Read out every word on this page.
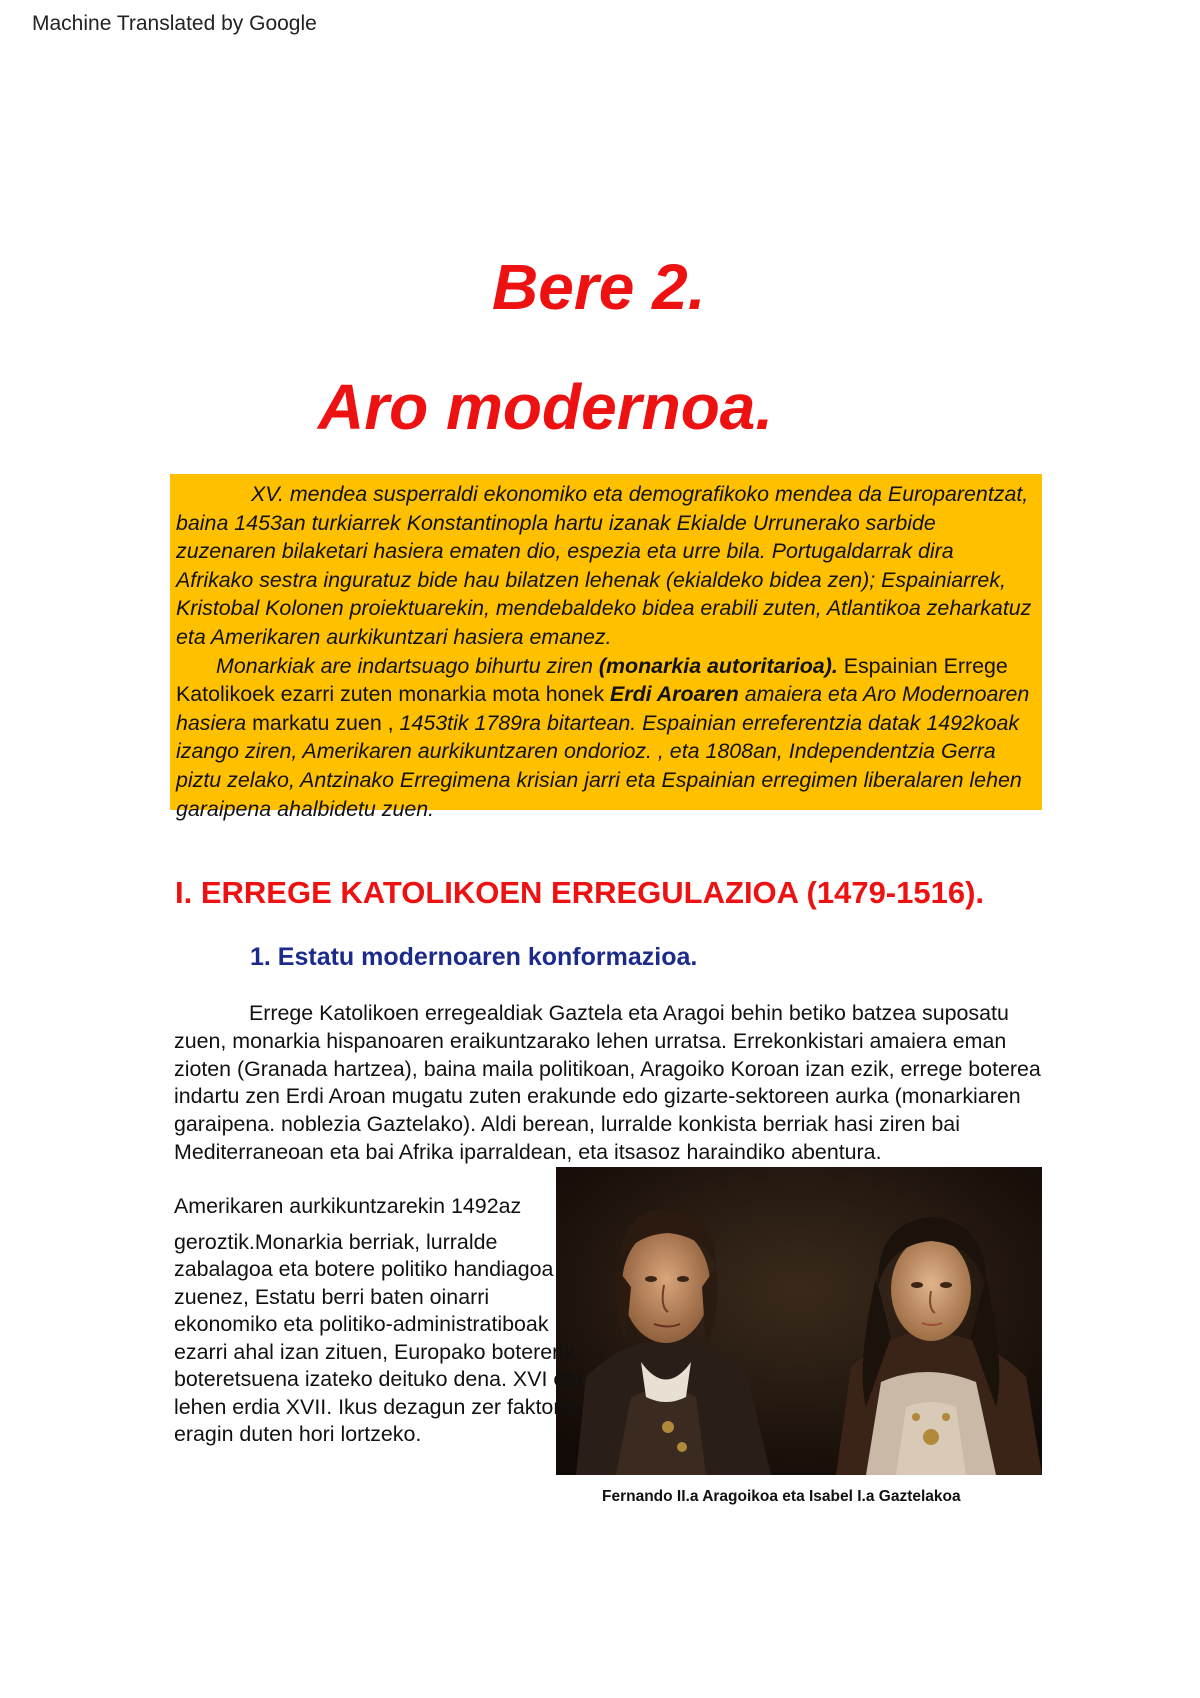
Machine Translated by Google
Bere 2.
Aro modernoa.

XV. mendea susperraldi ekonomiko eta demografikoko mendea da Europarentzat, baina 1453an turkiarrek Konstantinopla hartu izanak Ekialde Urrunerako sarbide zuzenaren bilaketari hasiera ematen dio, espezia eta urre bila. Portugaldarrak dira Afrikako sestra inguratuz bide hau bilatzen lehenak (ekialdeko bidea zen); Espainiarrek, Kristobal Kolonen proiektuarekin, mendebaldeko bidea erabili zuten, Atlantikoa zeharkatuz eta Amerikaren aurkikuntzari hasiera emanez.

Monarkiak are indartsuago bihurtu ziren (monarkia autoritarioa). Espainian Errege Katolikoek ezarri zuten monarkia mota honek Erdi Aroaren amaiera eta Aro Modernoaren hasiera markatu zuen , 1453tik 1789ra bitartean. Espainian erreferentzia datak 1492koak izango ziren, Amerikaren aurkikuntzaren ondorioz. , eta 1808an, Independentzia Gerra piztu zelako, Antzinako Erregimena krisian jarri eta Espainian erregimen liberalaren lehen garaipena ahalbidetu zuen.

I. ERREGE KATOLIKOEN ERREGULAZIOA (1479-1516).
1. Estatu modernoaren konformazioa.

Errege Katolikoen erregealdiak Gaztela eta Aragoi behin betiko batzea suposatu zuen, monarkia hispanoaren eraikuntzarako lehen urratsa. Errekonkistari amaiera eman zioten (Granada hartzea), baina maila politikoan, Aragoiko Koroan izan ezik, errege boterea indartu zen Erdi Aroan mugatu zuten erakunde edo gizarte-sektoreen aurka (monarkiaren garaipena. noblezia Gaztelako). Aldi berean, lurralde konkista berriak hasi ziren bai Mediterraneoan eta bai Afrika iparraldean, eta itsasoz haraindiko abentura.

Amerikaren aurkikuntzarekin 1492az
geroztik.Monarkia berriak, lurralde zabalagoa eta botere politiko handiagoa zuenez, Estatu berri baten oinarri ekonomiko eta politiko-administratiboak ezarri ahal izan zituen, Europako botererik boteretsuena izateko deituko dena. XVI eta lehen erdia XVII. Ikus dezagun zer faktorek eragin duten hori lortzeko.

Fernando II.a Aragoikoa eta Isabel I.a Gaztelakoa
